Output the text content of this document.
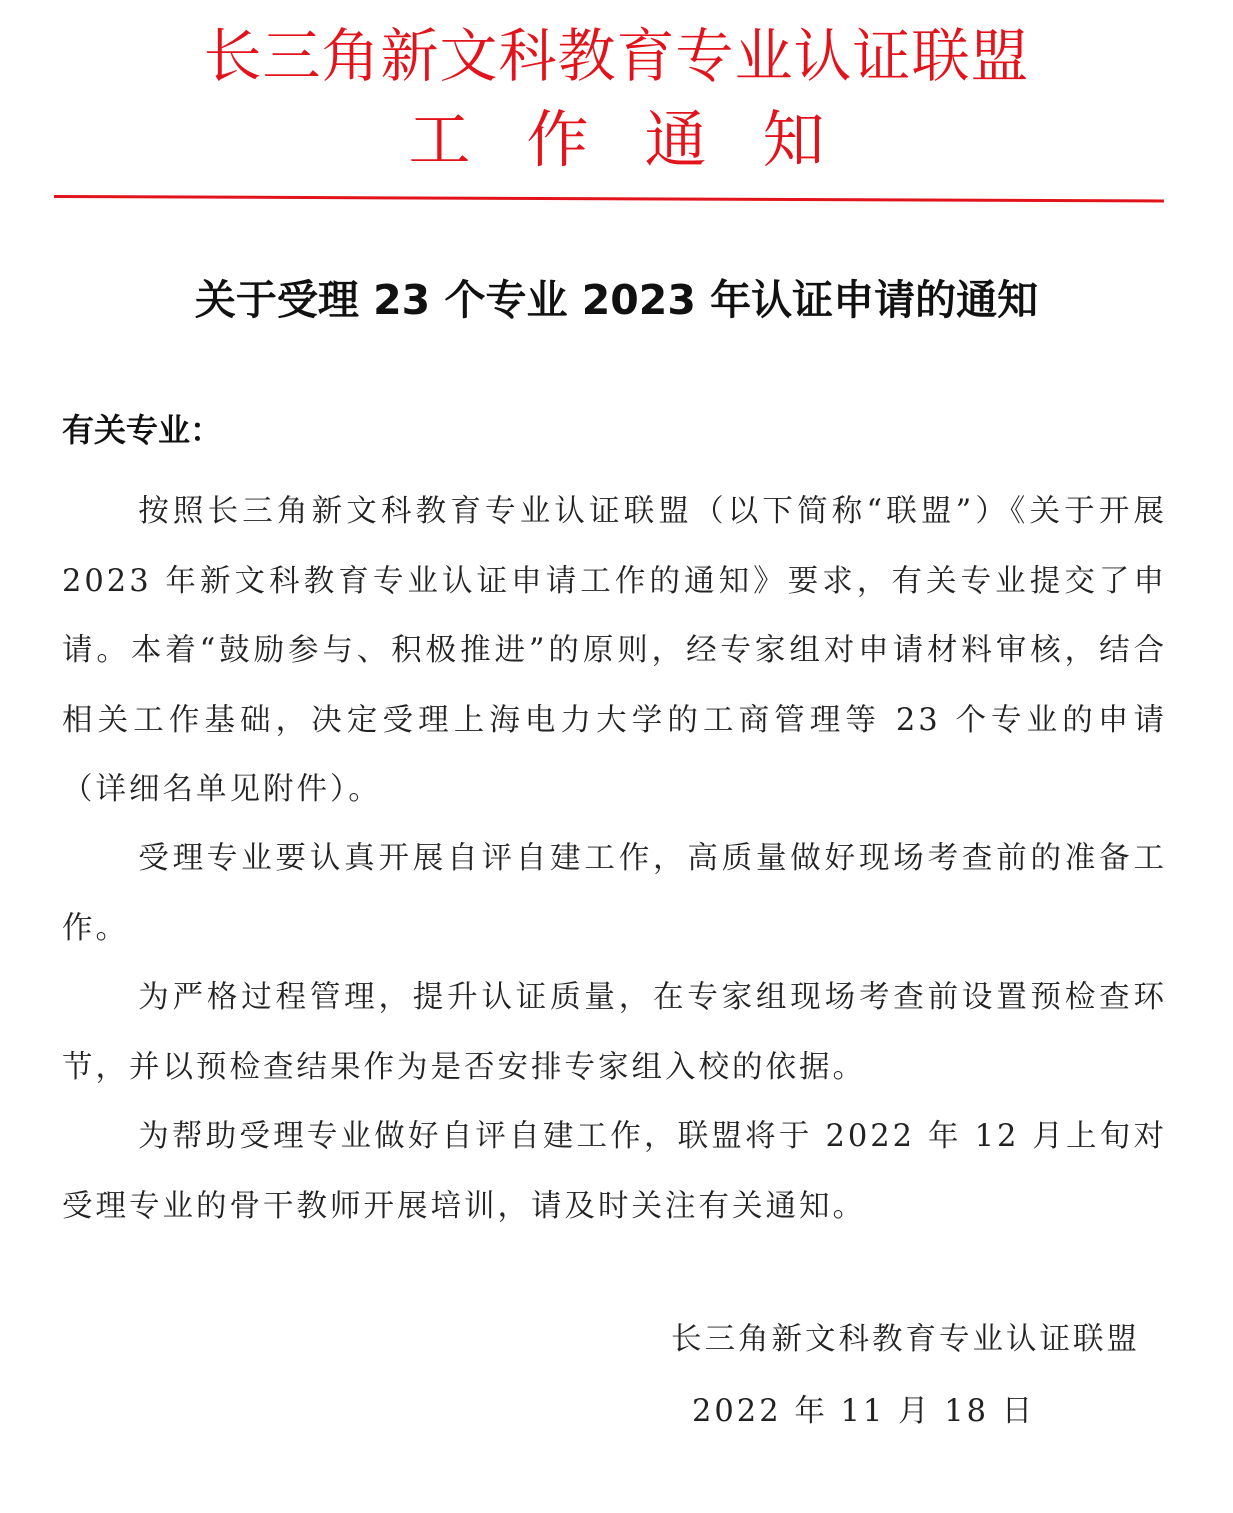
长三角新文科教育专业认证联盟
工 作 通 知
关于受理 23 个专业 2023 年认证申请的通知
有关专业：

按照长三角新文科教育专业认证联盟（以下简称“联盟”）《关于开展 2023 年新文科教育专业认证申请工作的通知》要求，有关专业提交了申请。本着“鼓励参与、积极推进”的原则，经专家组对申请材料审核，结合相关工作基础，决定受理上海电力大学的工商管理等 23 个专业的申请（详细名单见附件）。

受理专业要认真开展自评自建工作，高质量做好现场考查前的准备工作。

为严格过程管理，提升认证质量，在专家组现场考查前设置预检查环节，并以预检查结果作为是否安排专家组入校的依据。

为帮助受理专业做好自评自建工作，联盟将于 2022 年 12 月上旬对受理专业的骨干教师开展培训，请及时关注有关通知。

长三角新文科教育专业认证联盟
2022 年 11 月 18 日
